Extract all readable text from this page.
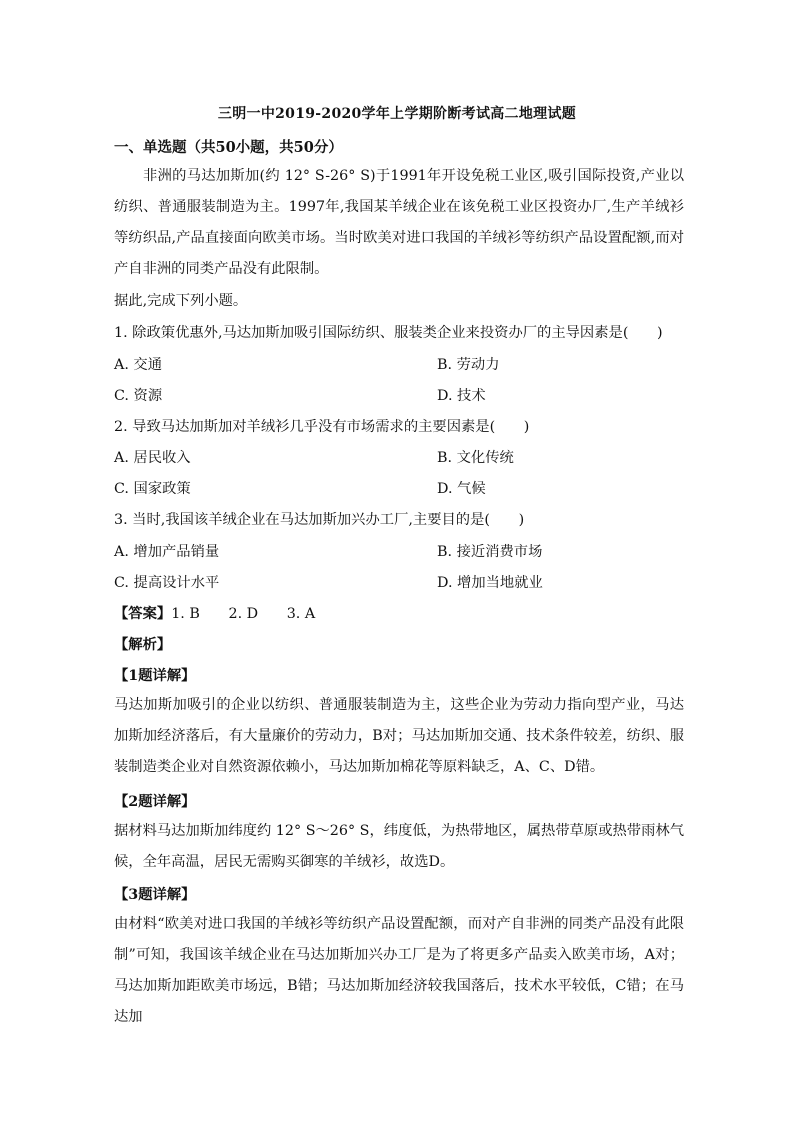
三明一中2019-2020学年上学期阶断考试高二地理试题
一、单选题（共50小题，共50分）
非洲的马达加斯加(约 12° S-26° S)于1991年开设免税工业区,吸引国际投资,产业以纺织、普通服装制造为主。1997年,我国某羊绒企业在该免税工业区投资办厂,生产羊绒衫等纺织品,产品直接面向欧美市场。当时欧美对进口我国的羊绒衫等纺织产品设置配额,而对产自非洲的同类产品没有此限制。
据此,完成下列小题。
1. 除政策优惠外,马达加斯加吸引国际纺织、服装类企业来投资办厂的主导因素是(　　)
A. 交通	B. 劳动力
C. 资源	D. 技术
2. 导致马达加斯加对羊绒衫几乎没有市场需求的主要因素是(　　)
A. 居民收入	B. 文化传统
C. 国家政策	D. 气候
3. 当时,我国该羊绒企业在马达加斯加兴办工厂,主要目的是(　　)
A. 增加产品销量	B. 接近消费市场
C. 提高设计水平	D. 增加当地就业
【答案】1. B　　2. D　　3. A
【解析】
【1题详解】
马达加斯加吸引的企业以纺织、普通服装制造为主，这些企业为劳动力指向型产业，马达加斯加经济落后，有大量廉价的劳动力，B对；马达加斯加交通、技术条件较差，纺织、服装制造类企业对自然资源依赖小，马达加斯加棉花等原料缺乏，A、C、D错。
【2题详解】
据材料马达加斯加纬度约 12° S～26° S，纬度低，为热带地区，属热带草原或热带雨林气候，全年高温，居民无需购买御寒的羊绒衫，故选D。
【3题详解】
由材料“欧美对进口我国的羊绒衫等纺织产品设置配额，而对产自非洲的同类产品没有此限制”可知，我国该羊绒企业在马达加斯加兴办工厂是为了将更多产品卖入欧美市场，A对；马达加斯加距欧美市场远，B错；马达加斯加经济较我国落后，技术水平较低，C错；在马达加
